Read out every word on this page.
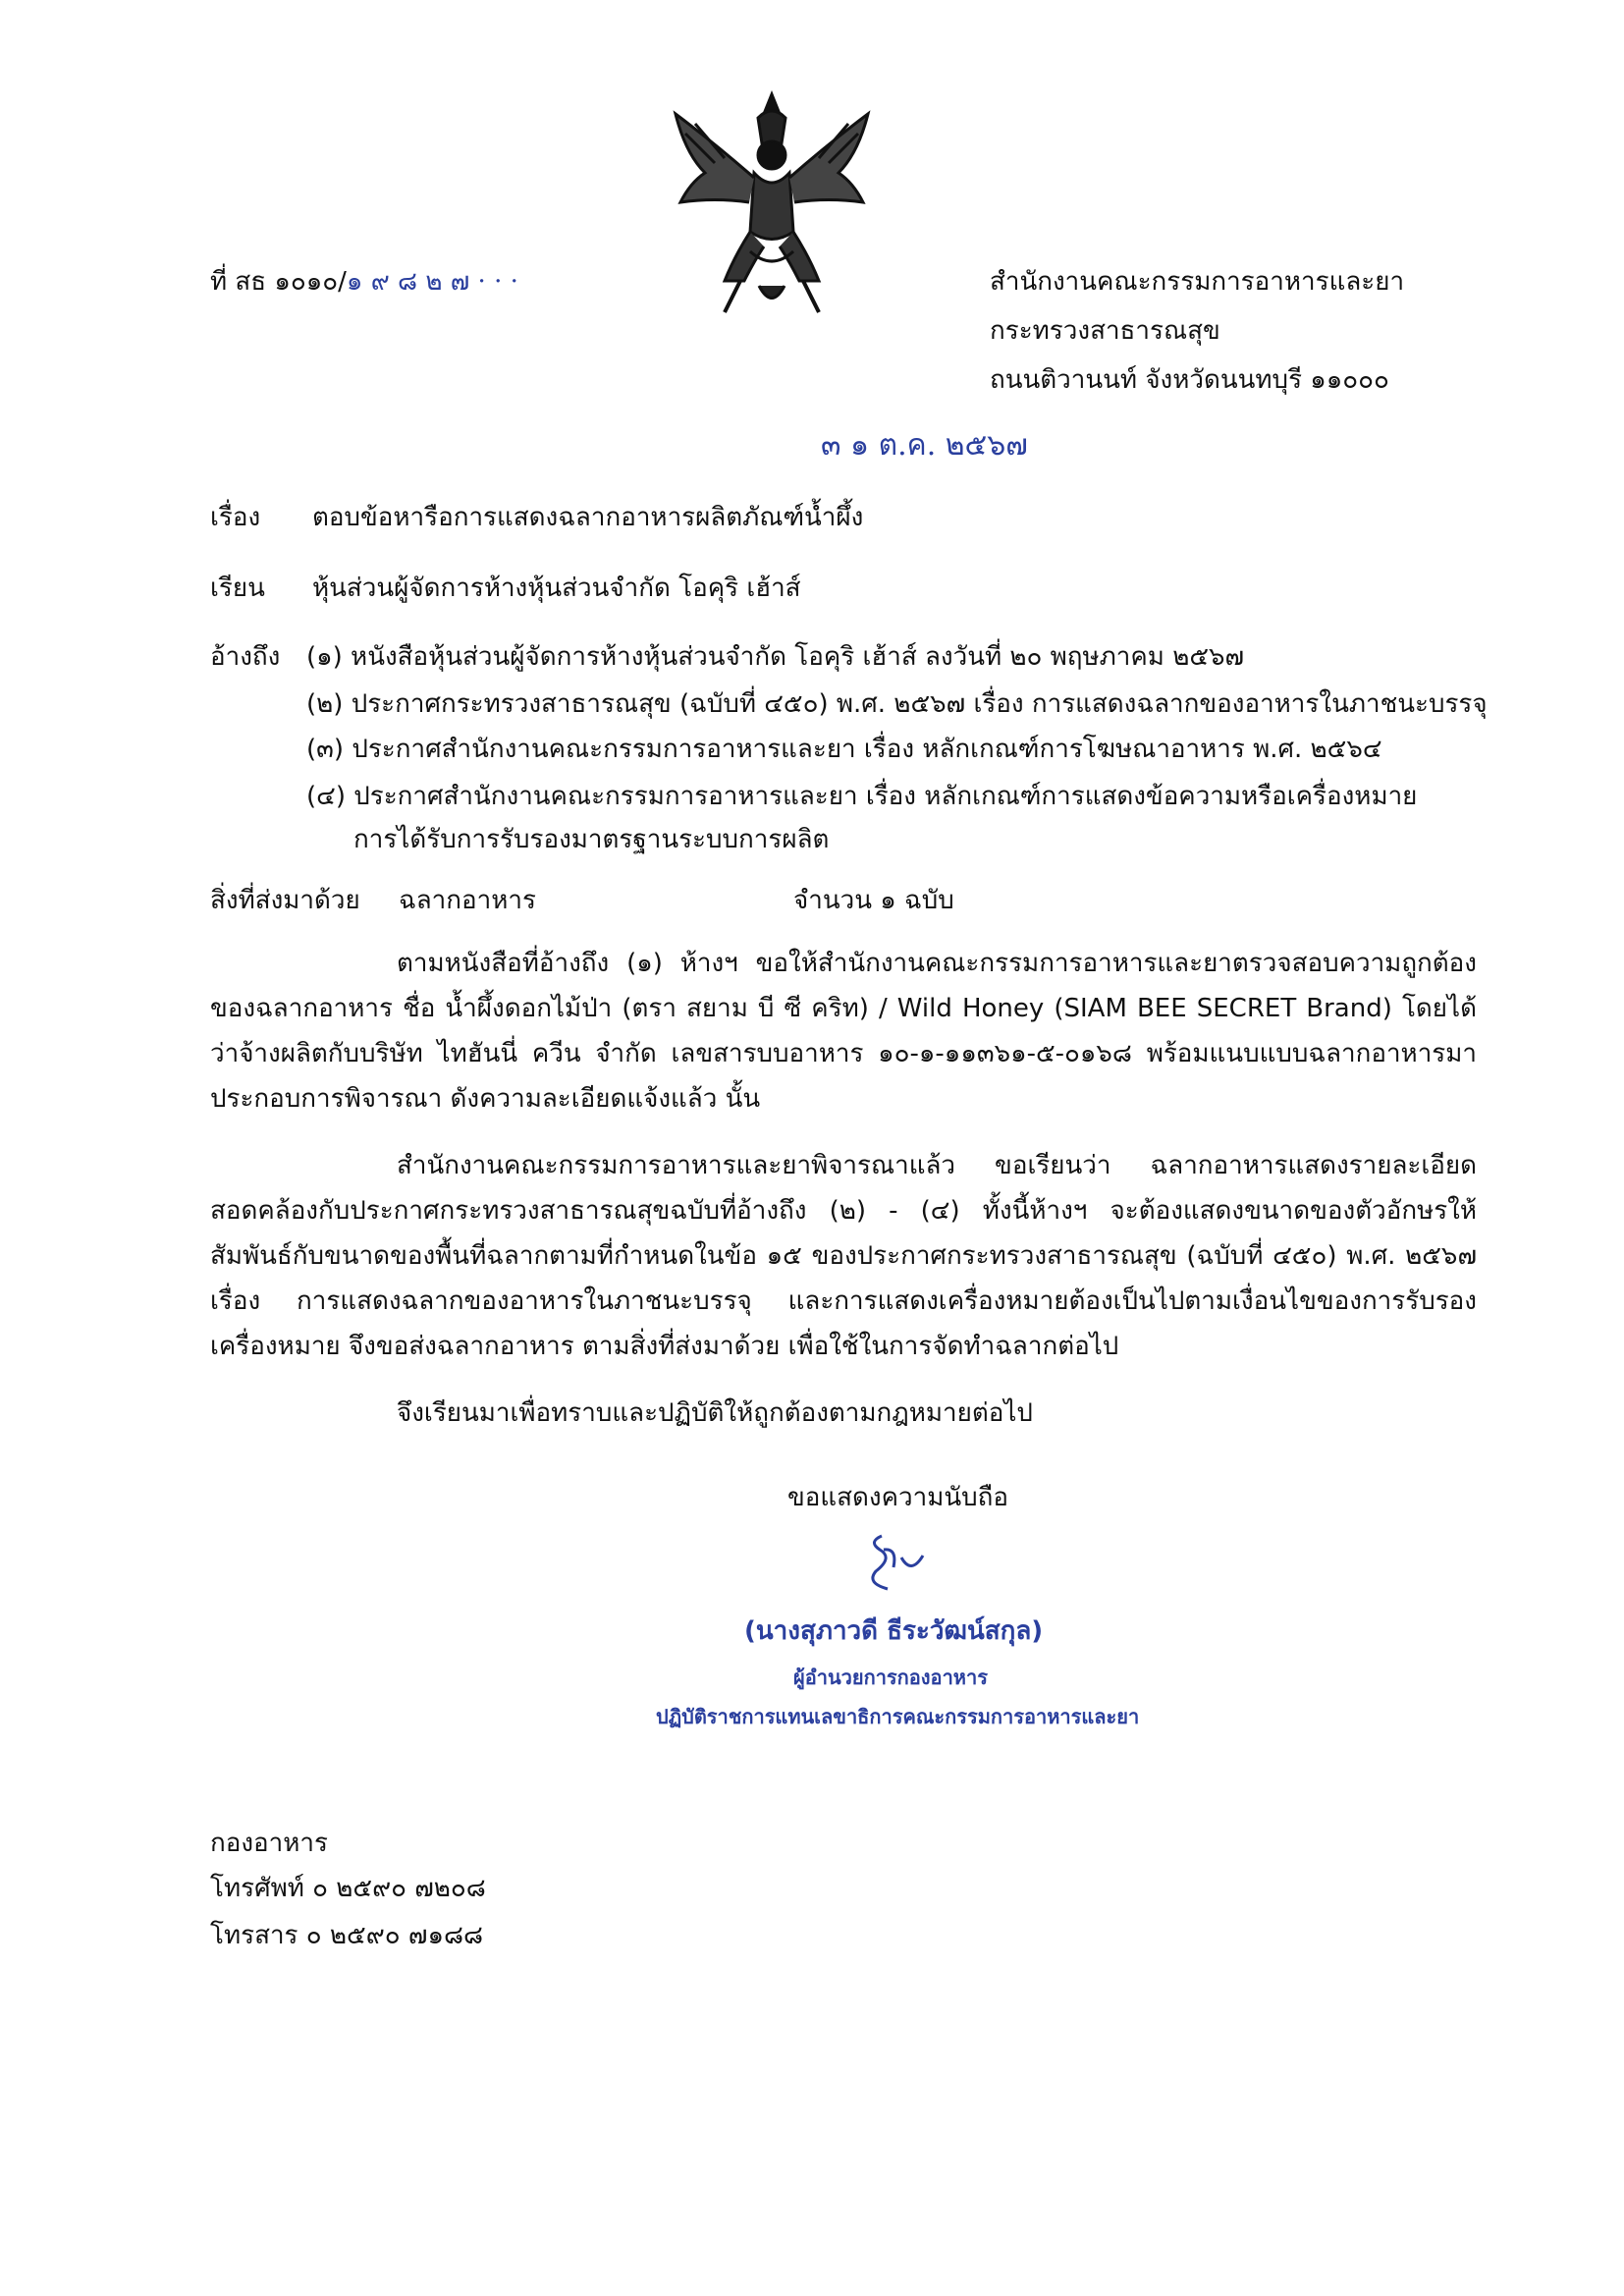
ที่ สธ ๑๐๑๐/๑ ๙ ๘ ๒ ๗ · · ·	สำนักงานคณะกรรมการอาหารและยา
กระทรวงสาธารณสุข
ถนนติวานนท์ จังหวัดนนทบุรี ๑๑๐๐๐
๓ ๑ ต.ค. ๒๕๖๗
เรื่อง ตอบข้อหารือการแสดงฉลากอาหารผลิตภัณฑ์น้ำผึ้ง
เรียน หุ้นส่วนผู้จัดการห้างหุ้นส่วนจำกัด โอคุริ เฮ้าส์
อ้างถึง (๑) หนังสือหุ้นส่วนผู้จัดการห้างหุ้นส่วนจำกัด โอคุริ เฮ้าส์ ลงวันที่ ๒๐ พฤษภาคม ๒๕๖๗
(๒) ประกาศกระทรวงสาธารณสุข (ฉบับที่ ๔๕๐) พ.ศ. ๒๕๖๗ เรื่อง การแสดงฉลากของอาหารในภาชนะบรรจุ
(๓) ประกาศสำนักงานคณะกรรมการอาหารและยา เรื่อง หลักเกณฑ์การโฆษณาอาหาร พ.ศ. ๒๕๖๔
(๔) ประกาศสำนักงานคณะกรรมการอาหารและยา เรื่อง หลักเกณฑ์การแสดงข้อความหรือเครื่องหมาย
การได้รับการรับรองมาตรฐานระบบการผลิต
สิ่งที่ส่งมาด้วย ฉลากอาหาร	จำนวน ๑ ฉบับ
ตามหนังสือที่อ้างถึง (๑) ห้างฯ ขอให้สำนักงานคณะกรรมการอาหารและยาตรวจสอบความถูกต้องของฉลากอาหาร ชื่อ น้ำผึ้งดอกไม้ป่า (ตรา สยาม บี ซี คริท) / Wild Honey (SIAM BEE SECRET Brand) โดยได้ว่าจ้างผลิตกับบริษัท ไทฮันนี่ ควีน จำกัด เลขสารบบอาหาร ๑๐-๑-๑๑๓๖๑-๕-๐๑๖๘ พร้อมแนบแบบฉลากอาหารมาประกอบการพิจารณา ดังความละเอียดแจ้งแล้ว นั้น
สำนักงานคณะกรรมการอาหารและยาพิจารณาแล้ว ขอเรียนว่า ฉลากอาหารแสดงรายละเอียดสอดคล้องกับประกาศกระทรวงสาธารณสุขฉบับที่อ้างถึง (๒) - (๔) ทั้งนี้ห้างฯ จะต้องแสดงขนาดของตัวอักษรให้สัมพันธ์กับขนาดของพื้นที่ฉลากตามที่กำหนดในข้อ ๑๕ ของประกาศกระทรวงสาธารณสุข (ฉบับที่ ๔๕๐) พ.ศ. ๒๕๖๗ เรื่อง การแสดงฉลากของอาหารในภาชนะบรรจุ และการแสดงเครื่องหมายต้องเป็นไปตามเงื่อนไขของการรับรองเครื่องหมาย จึงขอส่งฉลากอาหาร ตามสิ่งที่ส่งมาด้วย เพื่อใช้ในการจัดทำฉลากต่อไป
จึงเรียนมาเพื่อทราบและปฏิบัติให้ถูกต้องตามกฎหมายต่อไป
ขอแสดงความนับถือ
(นางสุภาวดี ธีระวัฒน์สกุล)
ผู้อำนวยการกองอาหาร
ปฏิบัติราชการแทนเลขาธิการคณะกรรมการอาหารและยา
กองอาหาร
โทรศัพท์ ๐ ๒๕๙๐ ๗๒๐๘
โทรสาร ๐ ๒๕๙๐ ๗๑๘๘
